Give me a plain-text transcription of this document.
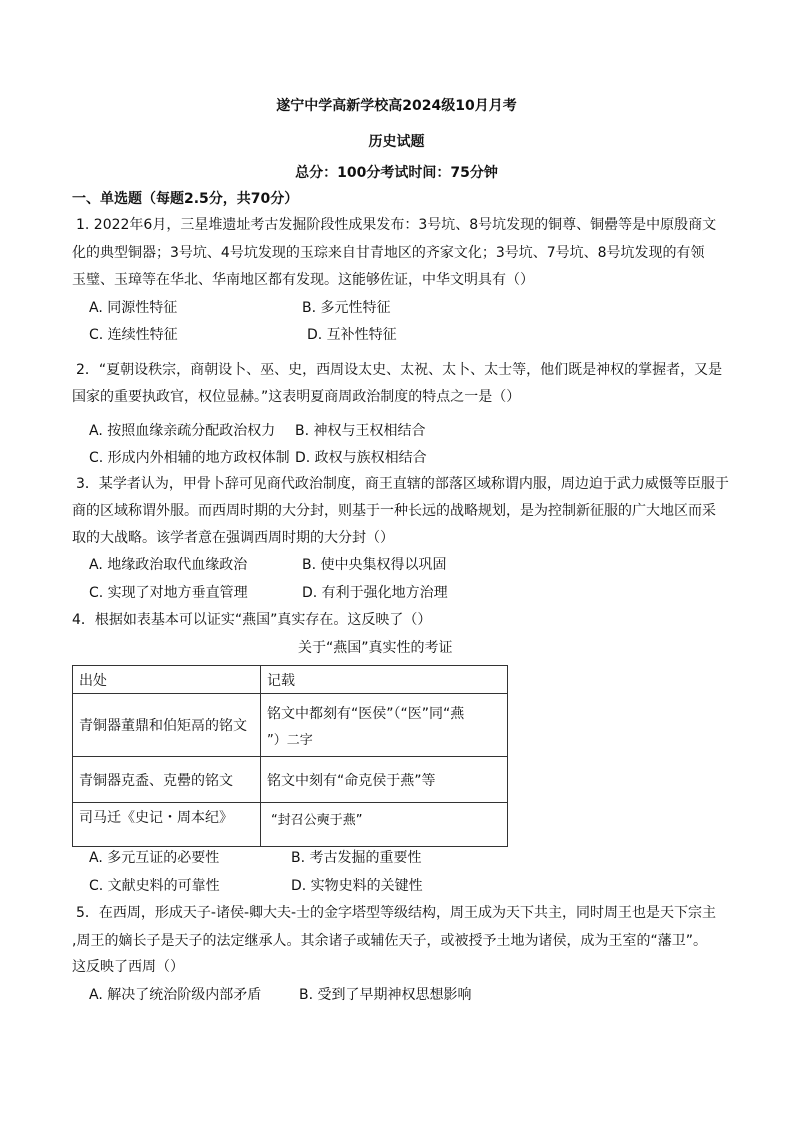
遂宁中学高新学校高2024级10月月考
历史试题
总分：100分考试时间：75分钟
一、单选题（每题2.5分，共70分）
1. 2022年6月，三星堆遗址考古发掘阶段性成果发布：3号坑、8号坑发现的铜尊、铜罍等是中原殷商文
化的典型铜器；3号坑、4号坑发现的玉琮来自甘青地区的齐家文化；3号坑、7号坑、8号坑发现的有领
玉璧、玉璋等在华北、华南地区都有发现。这能够佐证，中华文明具有（）
A. 同源性特征	B. 多元性特征
C. 连续性特征	D. 互补性特征
2．“夏朝设秩宗，商朝设卜、巫、史，西周设太史、太祝、太卜、太士等，他们既是神权的掌握者，又是
国家的重要执政官，权位显赫。”这表明夏商周政治制度的特点之一是（）
A. 按照血缘亲疏分配政治权力 B. 神权与王权相结合
C. 形成内外相辅的地方政权体制 D. 政权与族权相结合
3．某学者认为，甲骨卜辞可见商代政治制度，商王直辖的部落区域称谓内服，周边迫于武力威慑等臣服于
商的区域称谓外服。而西周时期的大分封，则基于一种长远的战略规划，是为控制新征服的广大地区而采
取的大战略。该学者意在强调西周时期的大分封（）
A. 地缘政治取代血缘政治	B. 使中央集权得以巩固
C. 实现了对地方垂直管理	D. 有利于强化地方治理
4．根据如表基本可以证实“燕国”真实存在。这反映了（）
关于“燕国”真实性的考证
出处	记载
青铜器董鼎和伯矩鬲的铭文	铭文中都刻有“医侯”（“医”同“燕
”）二字

青铜器克盉、克罍的铭文	铭文中刻有“命克侯于燕”等
司马迁《史记・周本纪》	“封召公奭于燕”
A. 多元互证的必要性	B. 考古发掘的重要性
C. 文献史料的可靠性	D. 实物史料的关键性
5．在西周，形成天子-诸侯-卿大夫-士的金字塔型等级结构，周王成为天下共主，同时周王也是天下宗主
,周王的嫡长子是天子的法定继承人。其余诸子或辅佐天子，或被授予土地为诸侯，成为王室的“藩卫”。
这反映了西周（）
A. 解决了统治阶级内部矛盾	B. 受到了早期神权思想影响
